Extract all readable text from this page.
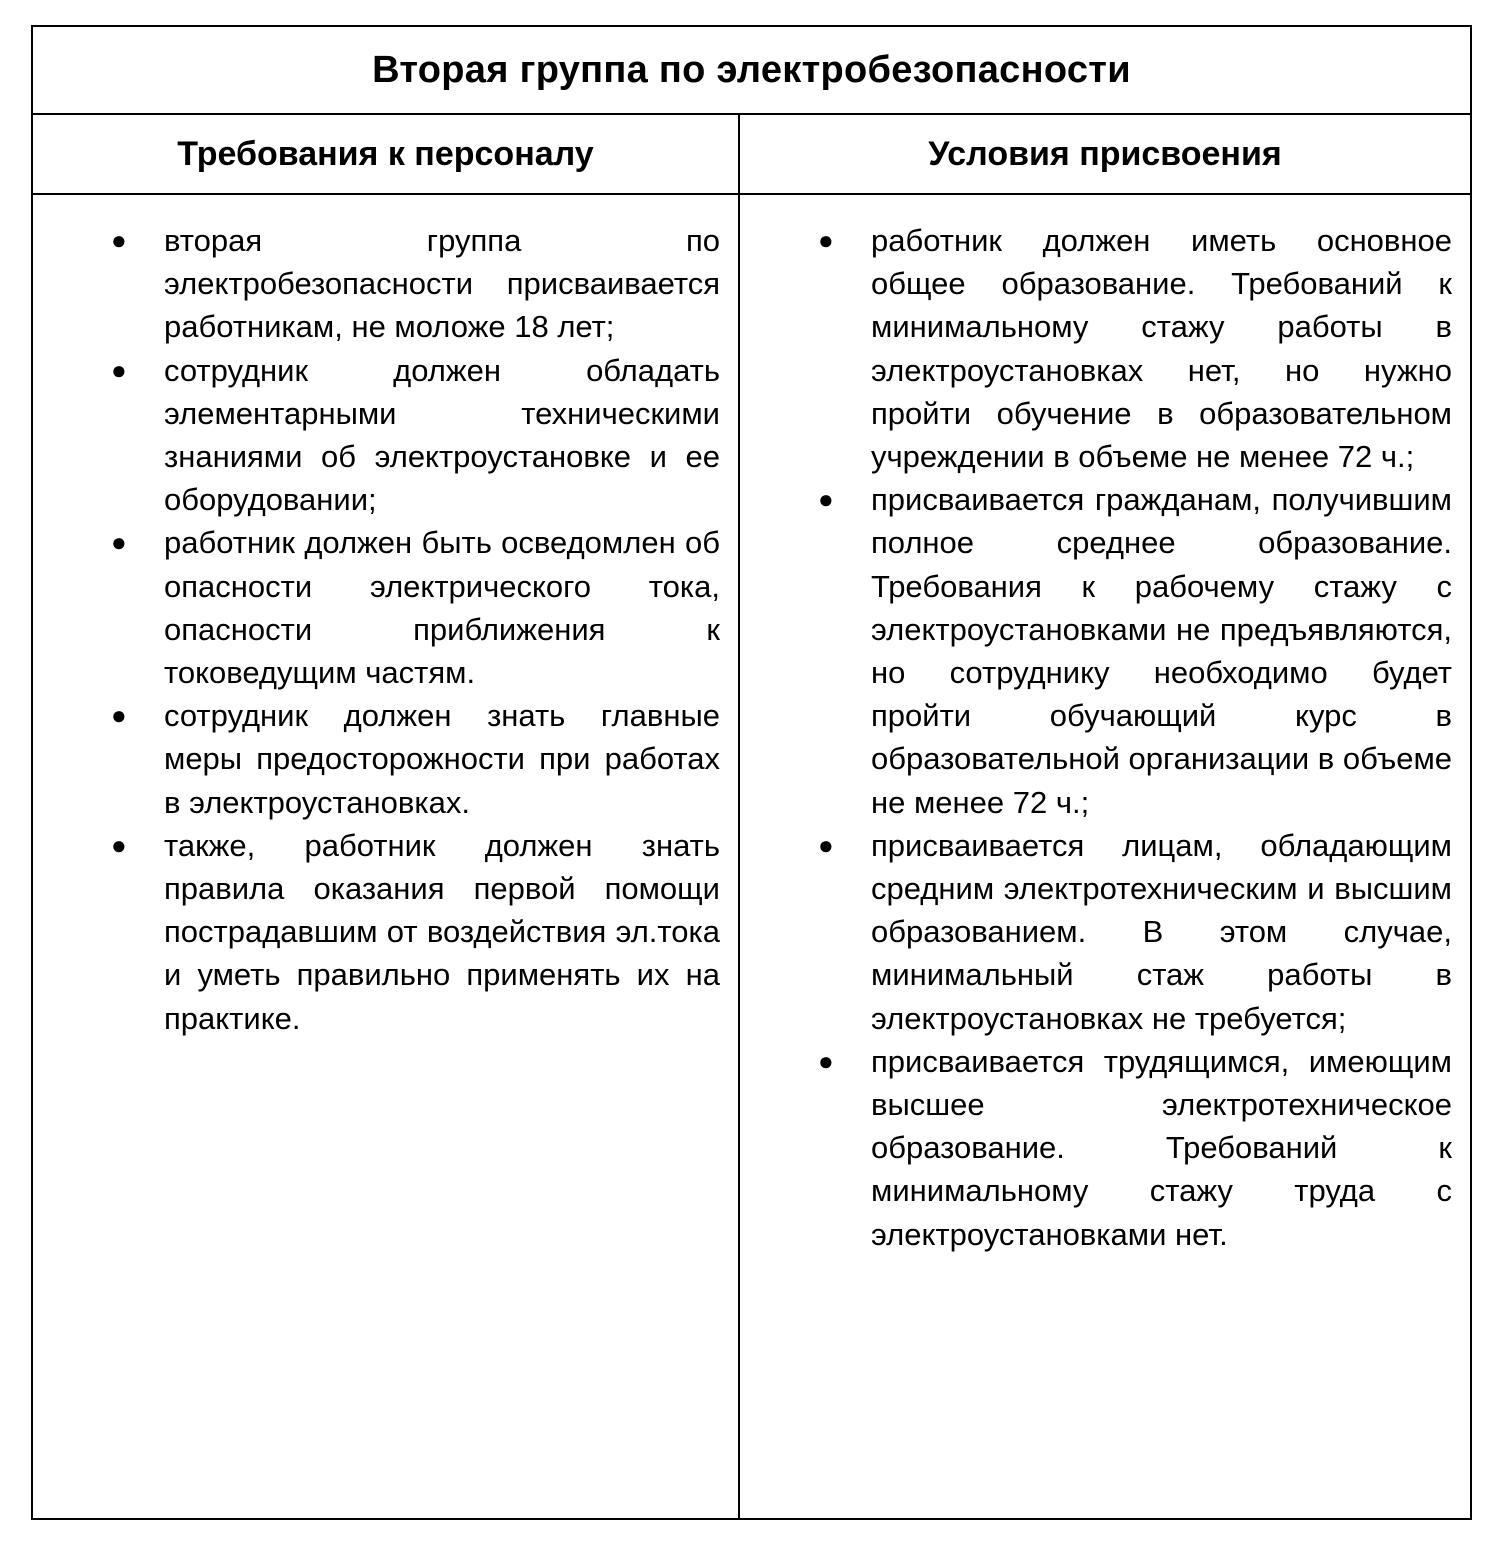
Вторая группа по электробезопасности
Требования к персоналу	Условия присвоения
● вторая группа по электробезопасности присваивается работникам, не моложе 18 лет;
● сотрудник должен обладать элементарными техническими знаниями об электроустановке и ее оборудовании;
● работник должен быть осведомлен об опасности электрического тока, опасности приближения к токоведущим частям.
● сотрудник должен знать главные меры предосторожности при работах в электроустановках.
● также, работник должен знать правила оказания первой помощи пострадавшим от воздействия эл.тока и уметь правильно применять их на практике.
● работник должен иметь основное общее образование. Требований к минимальному стажу работы в электроустановках нет, но нужно пройти обучение в образовательном учреждении в объеме не менее 72 ч.;
● присваивается гражданам, получившим полное среднее образование. Требования к рабочему стажу с электроустановками не предъявляются, но сотруднику необходимо будет пройти обучающий курс в образовательной организации в объеме не менее 72 ч.;
● присваивается лицам, обладающим средним электротехническим и высшим образованием. В этом случае, минимальный стаж работы в электроустановках не требуется;
● присваивается трудящимся, имеющим высшее электротехническое образование. Требований к минимальному стажу труда с электроустановками нет.
